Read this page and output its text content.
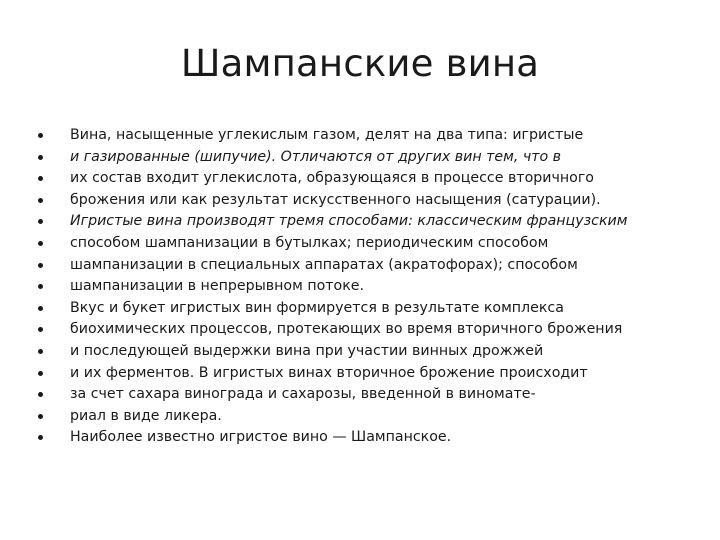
Шампанские вина
Вина, насыщенные углекислым газом, делят на два типа: игристые
и газированные (шипучие). Отличаются от других вин тем, что в
их состав входит углекислота, образующаяся в процессе вторичного
брожения или как результат искусственного насыщения (сатурации).
Игристые вина производят тремя способами: классическим французским
способом шампанизации в бутылках; периодическим способом
шампанизации в специальных аппаратах (акратофорах); способом
шампанизации в непрерывном потоке.
Вкус и букет игристых вин формируется в результате комплекса
биохимических процессов, протекающих во время вторичного брожения
и последующей выдержки вина при участии винных дрожжей
и их ферментов. В игристых винах вторичное брожение происходит
за счет сахара винограда и сахарозы, введенной в виноматe-
риал в виде ликера.
Наиболее известно игристое вино — Шампанское.
